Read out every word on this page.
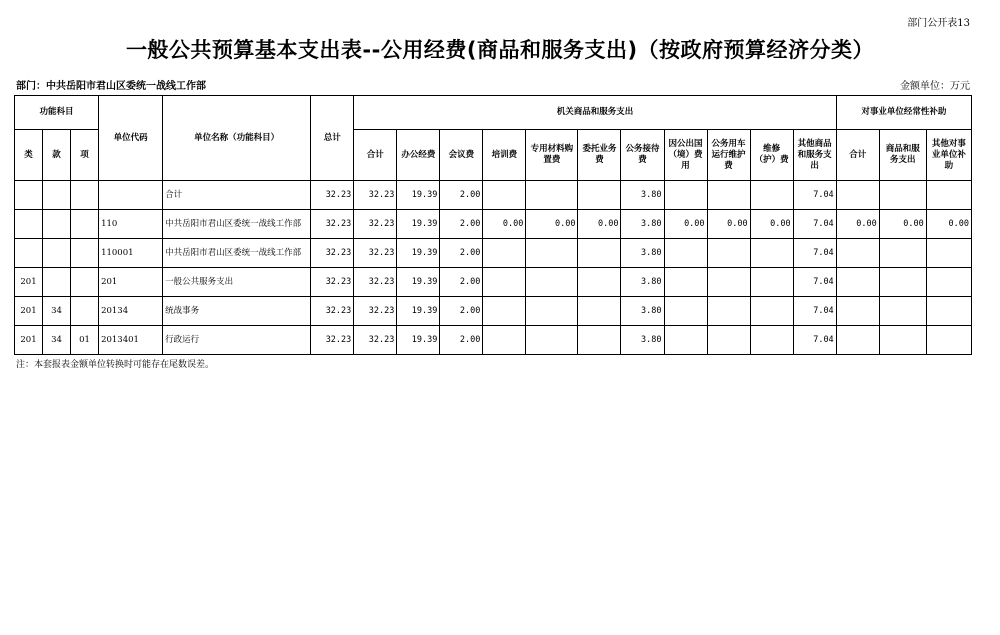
部门公开表13
一般公共预算基本支出表--公用经费(商品和服务支出)（按政府预算经济分类）
部门：中共岳阳市君山区委统一战线工作部	金额单位：万元
功能科目			单位代码	单位名称（功能科目）	总计	机关商品和服务支出											对事业单位经常性补助		
类	款	项				合计	办公经费	会议费	培训费	专用材料购置费	委托业务费	公务接待费	因公出国（境）费用	公务用车运行维护费	维修（护）费	其他商品和服务支出	合计	商品和服务支出	其他对事业单位补助
				合计	32.23	32.23	19.39	2.00				3.80				7.04			
			110	中共岳阳市君山区委统一战线工作部	32.23	32.23	19.39	2.00	0.00	0.00	0.00	3.80	0.00	0.00	0.00	7.04	0.00	0.00	0.00
			110001	中共岳阳市君山区委统一战线工作部	32.23	32.23	19.39	2.00				3.80				7.04			
201			201	一般公共服务支出	32.23	32.23	19.39	2.00				3.80				7.04			
201	34		20134	统战事务	32.23	32.23	19.39	2.00				3.80				7.04			
201	34	01	2013401	行政运行	32.23	32.23	19.39	2.00				3.80				7.04			
注：本套报表金额单位转换时可能存在尾数误差。
